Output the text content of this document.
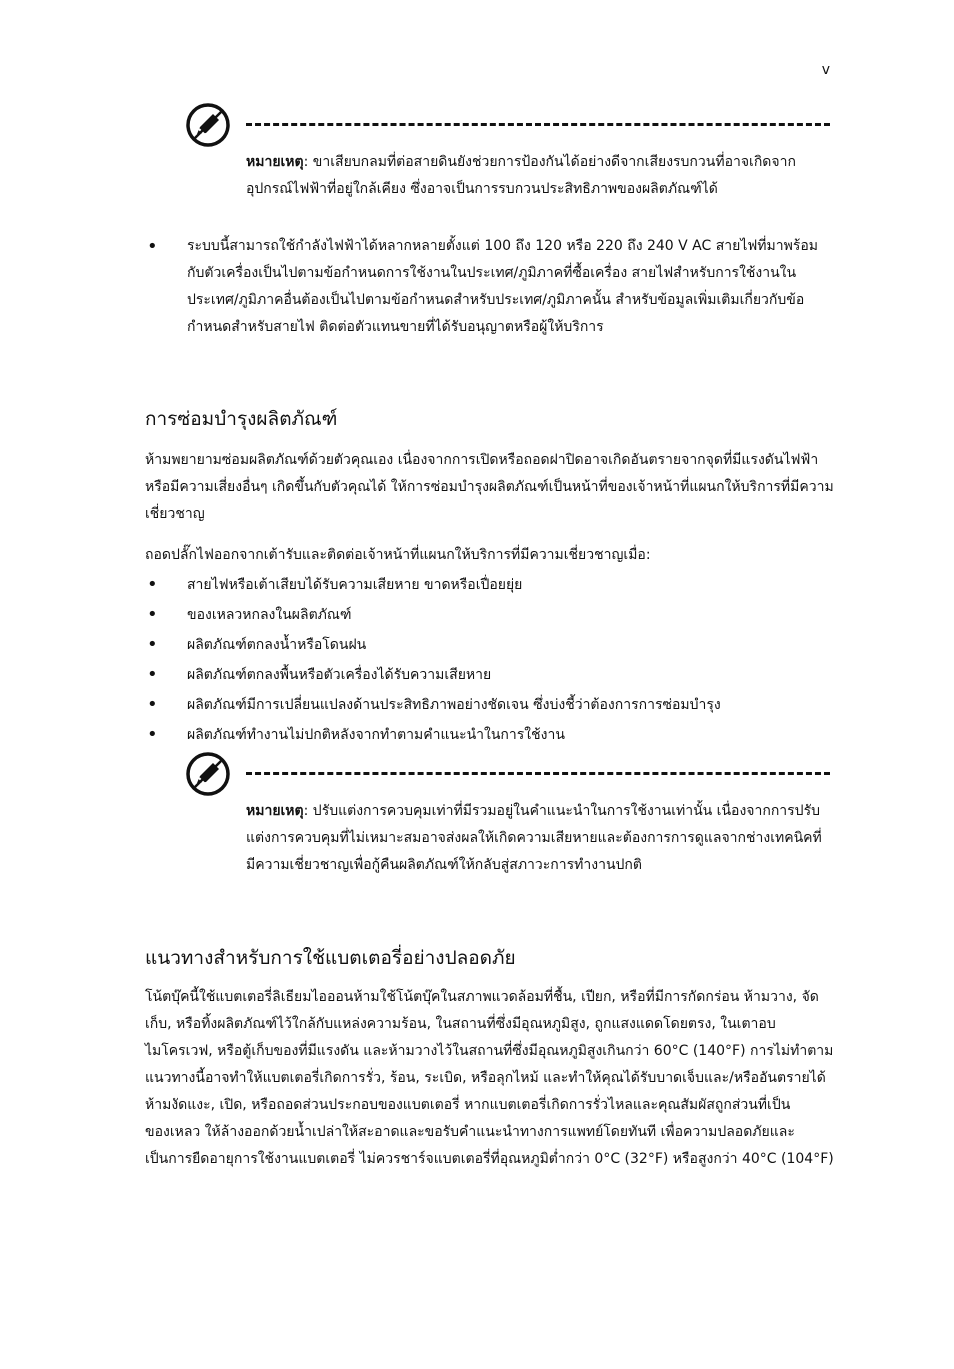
v
หมายเหตุ: ขาเสียบกลมที่ต่อสายดินยังช่วยการป้องกันได้อย่างดีจากเสียงรบกวนที่อาจเกิดจากอุปกรณ์ไฟฟ้าที่อยู่ใกล้เคียง ซึ่งอาจเป็นการรบกวนประสิทธิภาพของผลิตภัณฑ์ได้
• ระบบนี้สามารถใช้กำลังไฟฟ้าได้หลากหลายตั้งแต่ 100 ถึง 120 หรือ 220 ถึง 240 V AC สายไฟที่มาพร้อมกับตัวเครื่องเป็นไปตามข้อกำหนดการใช้งานในประเทศ/ภูมิภาคที่ซื้อเครื่อง สายไฟสำหรับการใช้งานในประเทศ/ภูมิภาคอื่นต้องเป็นไปตามข้อกำหนดสำหรับประเทศ/ภูมิภาคนั้น สำหรับข้อมูลเพิ่มเติมเกี่ยวกับข้อกำหนดสำหรับสายไฟ ติดต่อตัวแทนขายที่ได้รับอนุญาตหรือผู้ให้บริการ
การซ่อมบำรุงผลิตภัณฑ์

ห้ามพยายามซ่อมผลิตภัณฑ์ด้วยตัวคุณเอง เนื่องจากการเปิดหรือถอดฝาปิดอาจเกิดอันตรายจากจุดที่มีแรงดันไฟฟ้าหรือมีความเสี่ยงอื่นๆ เกิดขึ้นกับตัวคุณได้ ให้การซ่อมบำรุงผลิตภัณฑ์เป็นหน้าที่ของเจ้าหน้าที่แผนกให้บริการที่มีความเชี่ยวชาญ

ถอดปลั๊กไฟออกจากเต้ารับและติดต่อเจ้าหน้าที่แผนกให้บริการที่มีความเชี่ยวชาญเมื่อ:

• สายไฟหรือเต้าเสียบได้รับความเสียหาย ขาดหรือเปื่อยยุ่ย
• ของเหลวหกลงในผลิตภัณฑ์
• ผลิตภัณฑ์ตกลงน้ำหรือโดนฝน
• ผลิตภัณฑ์ตกลงพื้นหรือตัวเครื่องได้รับความเสียหาย
• ผลิตภัณฑ์มีการเปลี่ยนแปลงด้านประสิทธิภาพอย่างชัดเจน ซึ่งบ่งชี้ว่าต้องการการซ่อมบำรุง
• ผลิตภัณฑ์ทำงานไม่ปกติหลังจากทำตามคำแนะนำในการใช้งาน
หมายเหตุ: ปรับแต่งการควบคุมเท่าที่มีรวมอยู่ในคำแนะนำในการใช้งานเท่านั้น เนื่องจากการปรับแต่งการควบคุมที่ไม่เหมาะสมอาจส่งผลให้เกิดความเสียหายและต้องการการดูแลจากช่างเทคนิคที่มีความเชี่ยวชาญเพื่อกู้คืนผลิตภัณฑ์ให้กลับสู่สภาวะการทำงานปกติ
แนวทางสำหรับการใช้แบตเตอรี่อย่างปลอดภัย

โน้ตบุ๊คนี้ใช้แบตเตอรี่ลิเธียมไอออนห้ามใช้โน้ตบุ๊คในสภาพแวดล้อมที่ชื้น, เปียก, หรือที่มีการกัดกร่อน ห้ามวาง, จัดเก็บ, หรือทิ้งผลิตภัณฑ์ไว้ใกล้กับแหล่งความร้อน, ในสถานที่ซึ่งมีอุณหภูมิสูง, ถูกแสงแดดโดยตรง, ในเตาอบไมโครเวฟ, หรือตู้เก็บของที่มีแรงดัน และห้ามวางไว้ในสถานที่ซึ่งมีอุณหภูมิสูงเกินกว่า 60°C (140°F) การไม่ทำตามแนวทางนี้อาจทำให้แบตเตอรี่เกิดการรั่ว, ร้อน, ระเบิด, หรือลุกไหม้ และทำให้คุณได้รับบาดเจ็บและ/หรืออันตรายได้ ห้ามงัดแงะ, เปิด, หรือถอดส่วนประกอบของแบตเตอรี่ หากแบตเตอรี่เกิดการรั่วไหลและคุณสัมผัสถูกส่วนที่เป็นของเหลว ให้ล้างออกด้วยน้ำเปล่าให้สะอาดและขอรับคำแนะนำทางการแพทย์โดยทันที เพื่อความปลอดภัยและเป็นการยืดอายุการใช้งานแบตเตอรี่ ไม่ควรชาร์จแบตเตอรี่ที่อุณหภูมิต่ำกว่า 0°C (32°F) หรือสูงกว่า 40°C (104°F)
